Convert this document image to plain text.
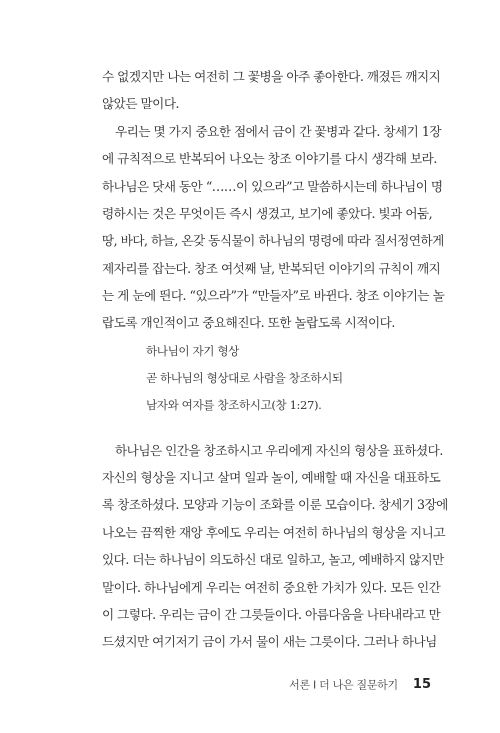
수 없겠지만 나는 여전히 그 꽃병을 아주 좋아한다. 깨졌든 깨지지
않았든 말이다.
우리는 몇 가지 중요한 점에서 금이 간 꽃병과 같다. 창세기 1장
에 규칙적으로 반복되어 나오는 창조 이야기를 다시 생각해 보라.
하나님은 닷새 동안 “……이 있으라”고 말씀하시는데 하나님이 명
령하시는 것은 무엇이든 즉시 생겼고, 보기에 좋았다. 빛과 어둠,
땅, 바다, 하늘, 온갖 동식물이 하나님의 명령에 따라 질서정연하게
제자리를 잡는다. 창조 여섯째 날, 반복되던 이야기의 규칙이 깨지
는 게 눈에 띈다. “있으라”가 “만들자”로 바뀐다. 창조 이야기는 놀
랍도록 개인적이고 중요해진다. 또한 놀랍도록 시적이다.
하나님이 자기 형상
곧 하나님의 형상대로 사람을 창조하시되
남자와 여자를 창조하시고(창 1:27).
하나님은 인간을 창조하시고 우리에게 자신의 형상을 표하셨다.
자신의 형상을 지니고 살며 일과 놀이, 예배할 때 자신을 대표하도
록 창조하셨다. 모양과 기능이 조화를 이룬 모습이다. 창세기 3장에
나오는 끔찍한 재앙 후에도 우리는 여전히 하나님의 형상을 지니고
있다. 더는 하나님이 의도하신 대로 일하고, 놀고, 예배하지 않지만
말이다. 하나님에게 우리는 여전히 중요한 가치가 있다. 모든 인간
이 그렇다. 우리는 금이 간 그릇들이다. 아름다움을 나타내라고 만
드셨지만 여기저기 금이 가서 물이 새는 그릇이다. 그러나 하나님
서론 I 더 나은 질문하기 15
